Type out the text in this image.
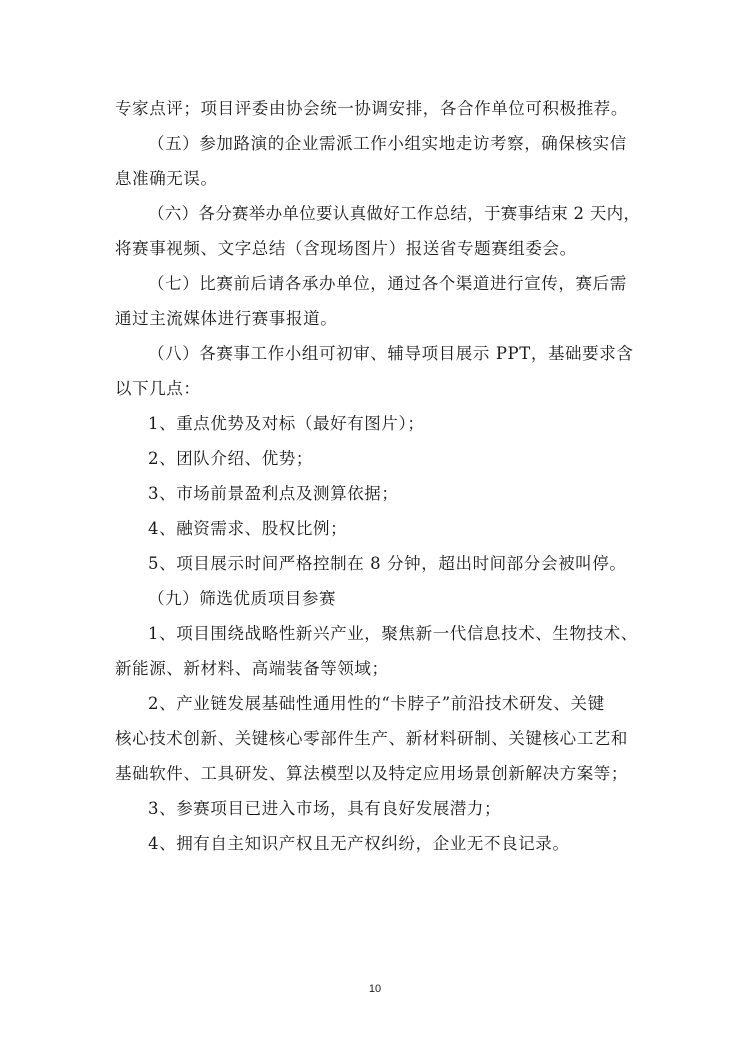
专家点评；项目评委由协会统一协调安排，各合作单位可积极推荐。
（五）参加路演的企业需派工作小组实地走访考察，确保核实信
息准确无误。
（六）各分赛举办单位要认真做好工作总结，于赛事结束 2 天内，
将赛事视频、文字总结（含现场图片）报送省专题赛组委会。
（七）比赛前后请各承办单位，通过各个渠道进行宣传，赛后需
通过主流媒体进行赛事报道。
（八）各赛事工作小组可初审、辅导项目展示 PPT，基础要求含
以下几点：
1、重点优势及对标（最好有图片）；
2、团队介绍、优势；
3、市场前景盈利点及测算依据；
4、融资需求、股权比例；
5、项目展示时间严格控制在 8 分钟，超出时间部分会被叫停。
（九）筛选优质项目参赛
1、项目围绕战略性新兴产业，聚焦新一代信息技术、生物技术、
新能源、新材料、高端装备等领域；
2、产业链发展基础性通用性的“卡脖子”前沿技术研发、关键
核心技术创新、关键核心零部件生产、新材料研制、关键核心工艺和
基础软件、工具研发、算法模型以及特定应用场景创新解决方案等；
3、参赛项目已进入市场，具有良好发展潜力；
4、拥有自主知识产权且无产权纠纷，企业无不良记录。
10
